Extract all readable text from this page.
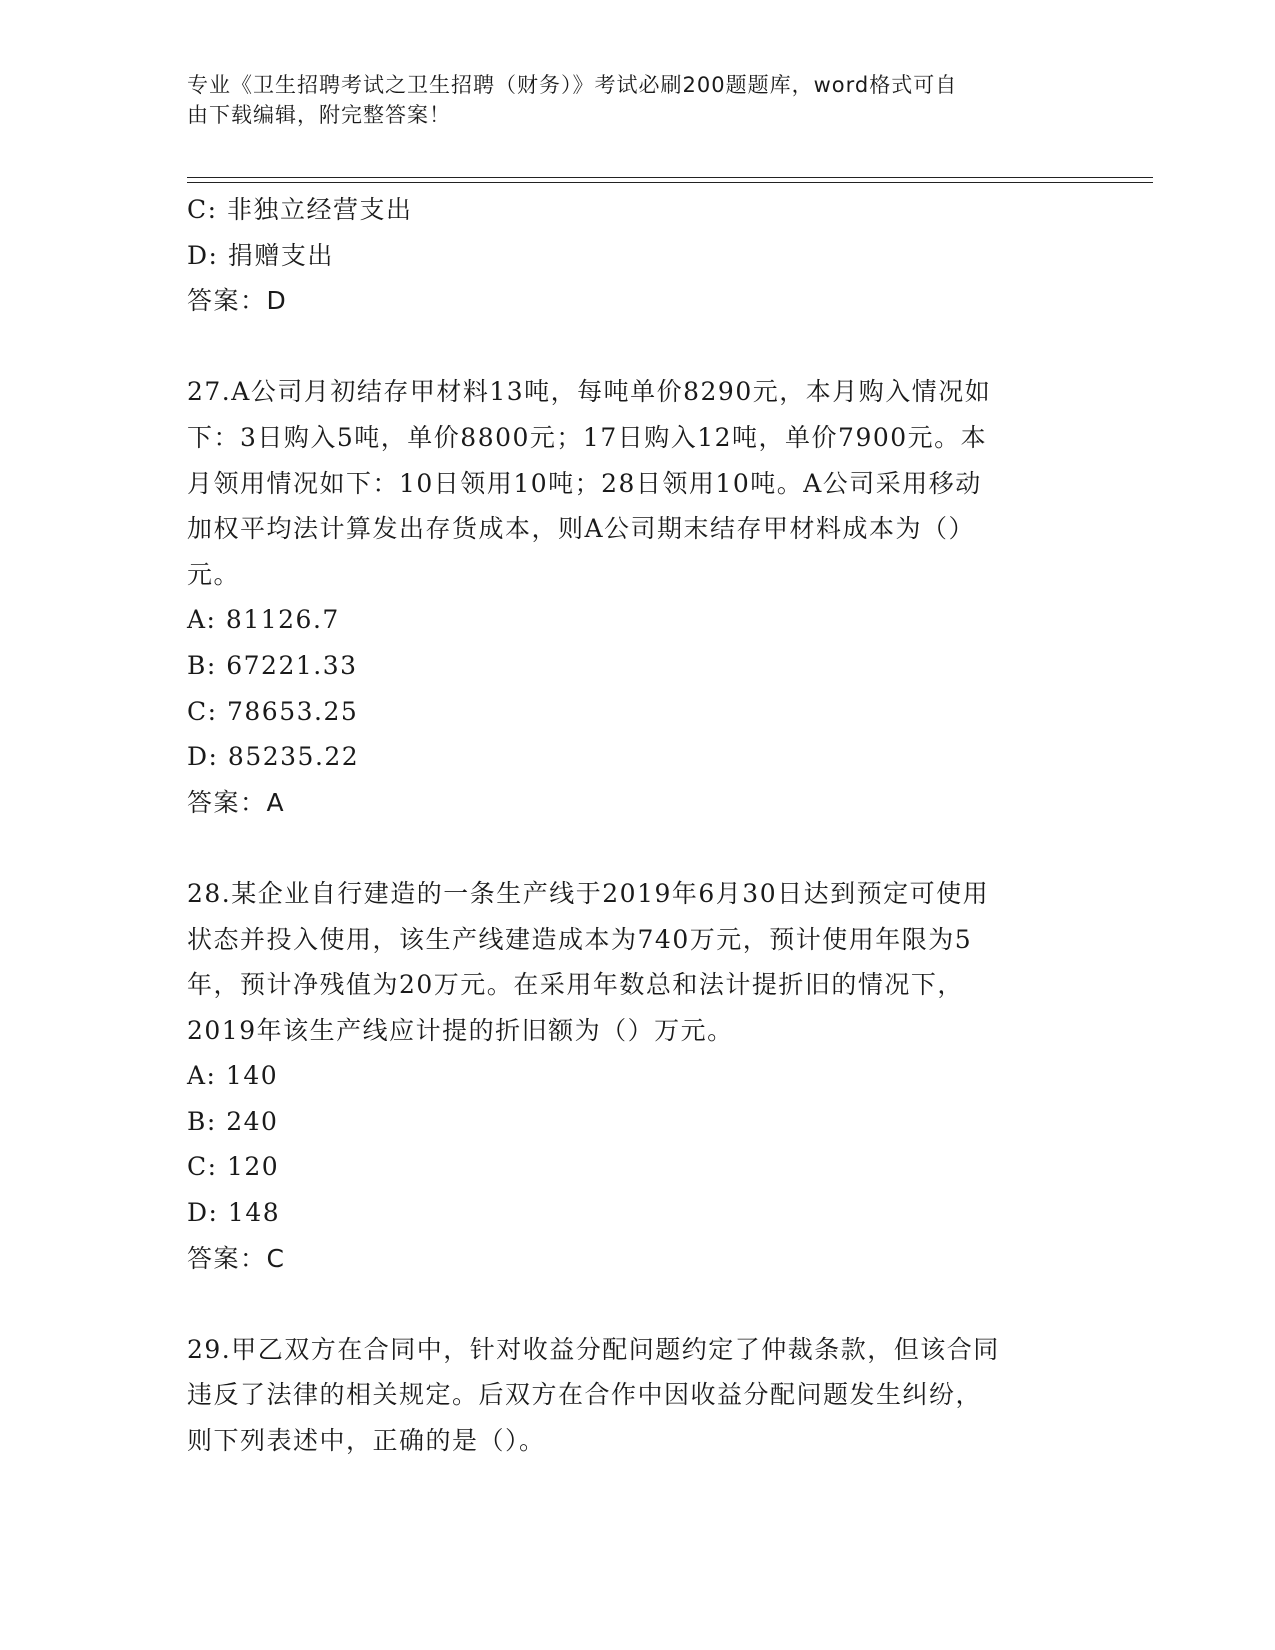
专业《卫生招聘考试之卫生招聘（财务）》考试必刷200题题库，word格式可自
由下载编辑，附完整答案！
C: 非独立经营支出
D: 捐赠支出
答案：D
27.A公司月初结存甲材料13吨，每吨单价8290元，本月购入情况如
下：3日购入5吨，单价8800元；17日购入12吨，单价7900元。本
月领用情况如下：10日领用10吨；28日领用10吨。A公司采用移动
加权平均法计算发出存货成本，则A公司期末结存甲材料成本为（）
元。
A: 81126.7
B: 67221.33
C: 78653.25
D: 85235.22
答案：A
28.某企业自行建造的一条生产线于2019年6月30日达到预定可使用
状态并投入使用，该生产线建造成本为740万元，预计使用年限为5
年，预计净残值为20万元。在采用年数总和法计提折旧的情况下，
2019年该生产线应计提的折旧额为（）万元。
A: 140
B: 240
C: 120
D: 148
答案：C
29.甲乙双方在合同中，针对收益分配问题约定了仲裁条款，但该合同
违反了法律的相关规定。后双方在合作中因收益分配问题发生纠纷，
则下列表述中，正确的是（）。
